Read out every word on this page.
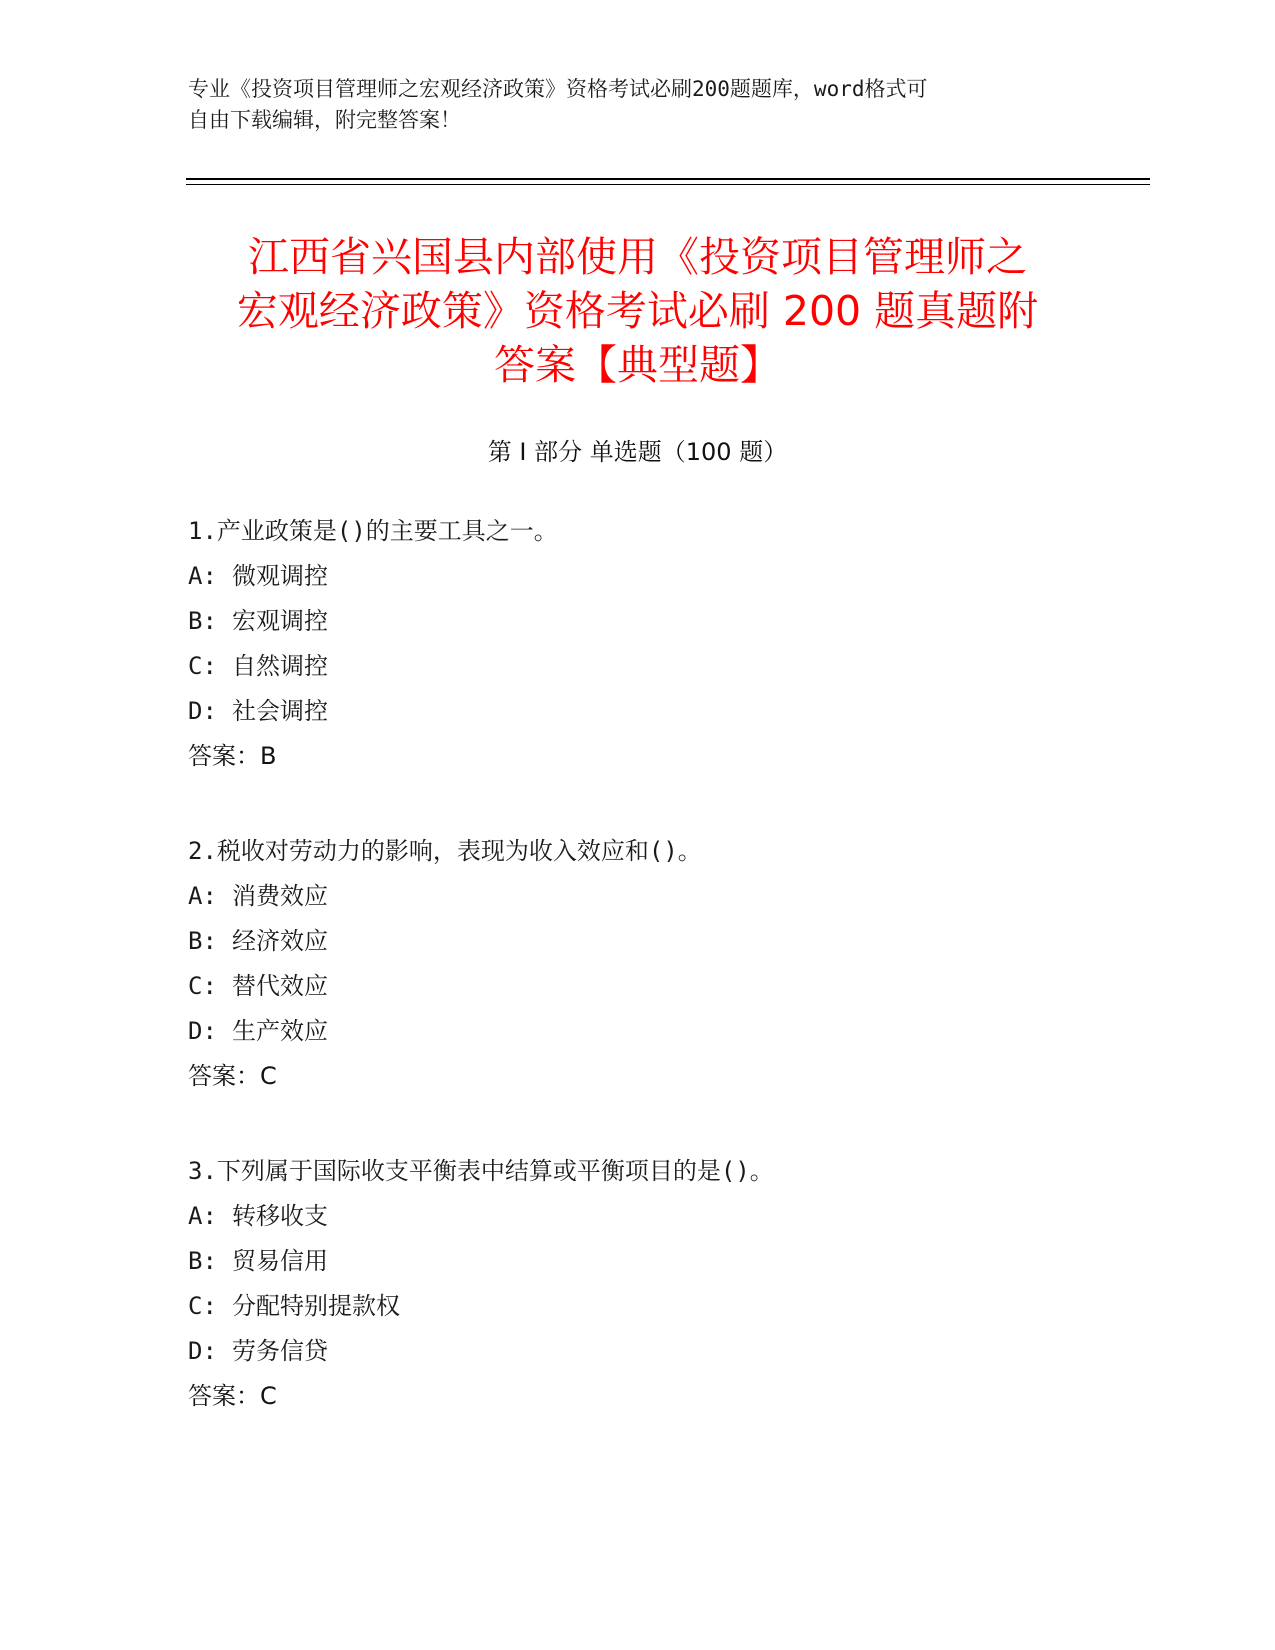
专业《投资项目管理师之宏观经济政策》资格考试必刷200题题库，word格式可
自由下载编辑，附完整答案！
江西省兴国县内部使用《投资项目管理师之
宏观经济政策》资格考试必刷 200 题真题附
答案【典型题】
第 I 部分 单选题（100 题）
1.产业政策是()的主要工具之一。
A: 微观调控
B: 宏观调控
C: 自然调控
D: 社会调控
答案：B
2.税收对劳动力的影响，表现为收入效应和()。
A: 消费效应
B: 经济效应
C: 替代效应
D: 生产效应
答案：C
3.下列属于国际收支平衡表中结算或平衡项目的是()。
A: 转移收支
B: 贸易信用
C: 分配特别提款权
D: 劳务信贷
答案：C
